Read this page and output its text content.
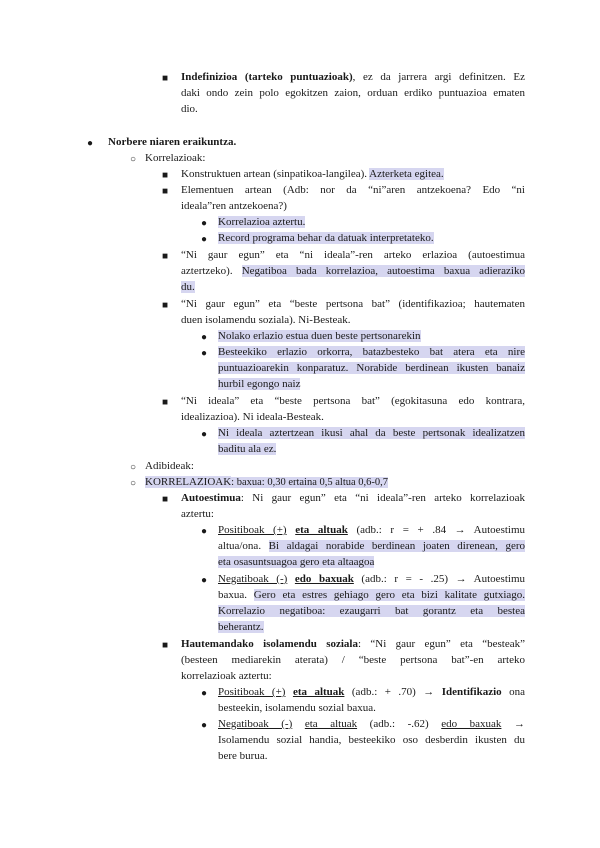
■ Indefinizioa (tarteko puntuazioak), ez da jarrera argi definitzen. Ez
daki ondo zein polo egokitzen zaion, orduan erdiko puntuazioa ematen
dio.
● Norbere niaren eraikuntza.
○ Korrelazioak:
■ Konstruktuen artean (sinpatikoa-langilea). Azterketa egitea.
■ Elementuen artean (Adb: nor da “ni”aren antzekoena? Edo “ni
ideala”ren antzekoena?)
● Korrelazioa aztertu.
● Record programa behar da datuak interpretateko.
■ “Ni gaur egun” eta “ni ideala”-ren arteko erlazioa (autoestimua
aztertzeko). Negatiboa bada korrelazioa, autoestima baxua adieraziko
du.
■ “Ni gaur egun” eta “beste pertsona bat” (identifikazioa; hautematen
duen isolamendu soziala). Ni-Besteak.
● Nolako erlazio estua duen beste pertsonarekin
● Besteekiko erlazio orkorra, batazbesteko bat atera eta nire
puntuazioarekin konparatuz. Norabide berdinean ikusten banaiz
hurbil egongo naiz
■ “Ni ideala” eta “beste pertsona bat” (egokitasuna edo kontrara,
idealizazioa). Ni ideala-Besteak.
● Ni ideala aztertzean ikusi ahal da beste pertsonak idealizatzen
baditu ala ez.
○ Adibideak:
○ KORRELAZIOAK: baxua: 0,30 ertaina 0,5 altua 0,6-0,7
■ Autoestimua: Ni gaur egun” eta “ni ideala”-ren arteko korrelazioak
aztertu:
● Positiboak (+) eta altuak (adb.: r = + .84 → Autoestimu
altua/ona. Bi aldagai norabide berdinean joaten direnean, gero
eta osasuntsuagoa gero eta altaagoa
● Negatiboak (-) edo baxuak (adb.: r = - .25) → Autoestimu
baxua. Gero eta estres gehiago gero eta bizi kalitate gutxiago.
Korrelazio negatiboa: ezaugarri bat gorantz eta bestea
beherantz.
■ Hautemandako isolamendu soziala: “Ni gaur egun” eta “besteak”
(besteen mediarekin aterata) / “beste pertsona bat”-en arteko
korrelazioak aztertu:
● Positiboak (+) eta altuak (adb.: + .70) → Identifikazio ona
besteekin, isolamendu sozial baxua.
● Negatiboak (-) eta altuak (adb.: -.62) edo baxuak →
Isolamendu sozial handia, besteekiko oso desberdin ikusten du
bere burua.
